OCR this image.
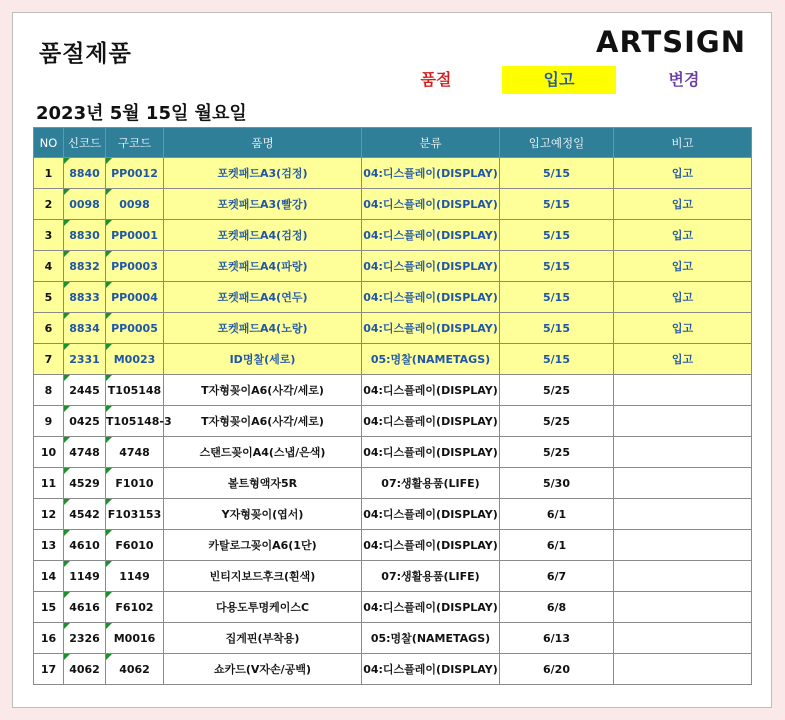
품절제품	ARTSIGN
품절	입고	변경
2023년 5월 15일 월요일
NO	신코드	구코드	품명	분류	입고예정일	비고
1	8840	PP0012	포켓패드A3(검정)	04:디스플레이(DISPLAY)	5/15	입고
2	0098	0098	포켓패드A3(빨강)	04:디스플레이(DISPLAY)	5/15	입고
3	8830	PP0001	포켓패드A4(검정)	04:디스플레이(DISPLAY)	5/15	입고
4	8832	PP0003	포켓패드A4(파랑)	04:디스플레이(DISPLAY)	5/15	입고
5	8833	PP0004	포켓패드A4(연두)	04:디스플레이(DISPLAY)	5/15	입고
6	8834	PP0005	포켓패드A4(노랑)	04:디스플레이(DISPLAY)	5/15	입고
7	2331	M0023	ID명찰(세로)	05:명찰(NAMETAGS)	5/15	입고
8	2445	T105148	T자형꽂이A6(사각/세로)	04:디스플레이(DISPLAY)	5/25	
9	0425	T105148-3	T자형꽂이A6(사각/세로)	04:디스플레이(DISPLAY)	5/25	
10	4748	4748	스탠드꽂이A4(스냅/은색)	04:디스플레이(DISPLAY)	5/25	
11	4529	F1010	볼트형액자5R	07:생활용품(LIFE)	5/30	
12	4542	F103153	Y자형꽂이(엽서)	04:디스플레이(DISPLAY)	6/1	
13	4610	F6010	카탈로그꽂이A6(1단)	04:디스플레이(DISPLAY)	6/1	
14	1149	1149	빈티지보드후크(흰색)	07:생활용품(LIFE)	6/7	
15	4616	F6102	다용도투명케이스C	04:디스플레이(DISPLAY)	6/8	
16	2326	M0016	집게핀(부착용)	05:명찰(NAMETAGS)	6/13	
17	4062	4062	쇼카드(V자손/공백)	04:디스플레이(DISPLAY)	6/20	
